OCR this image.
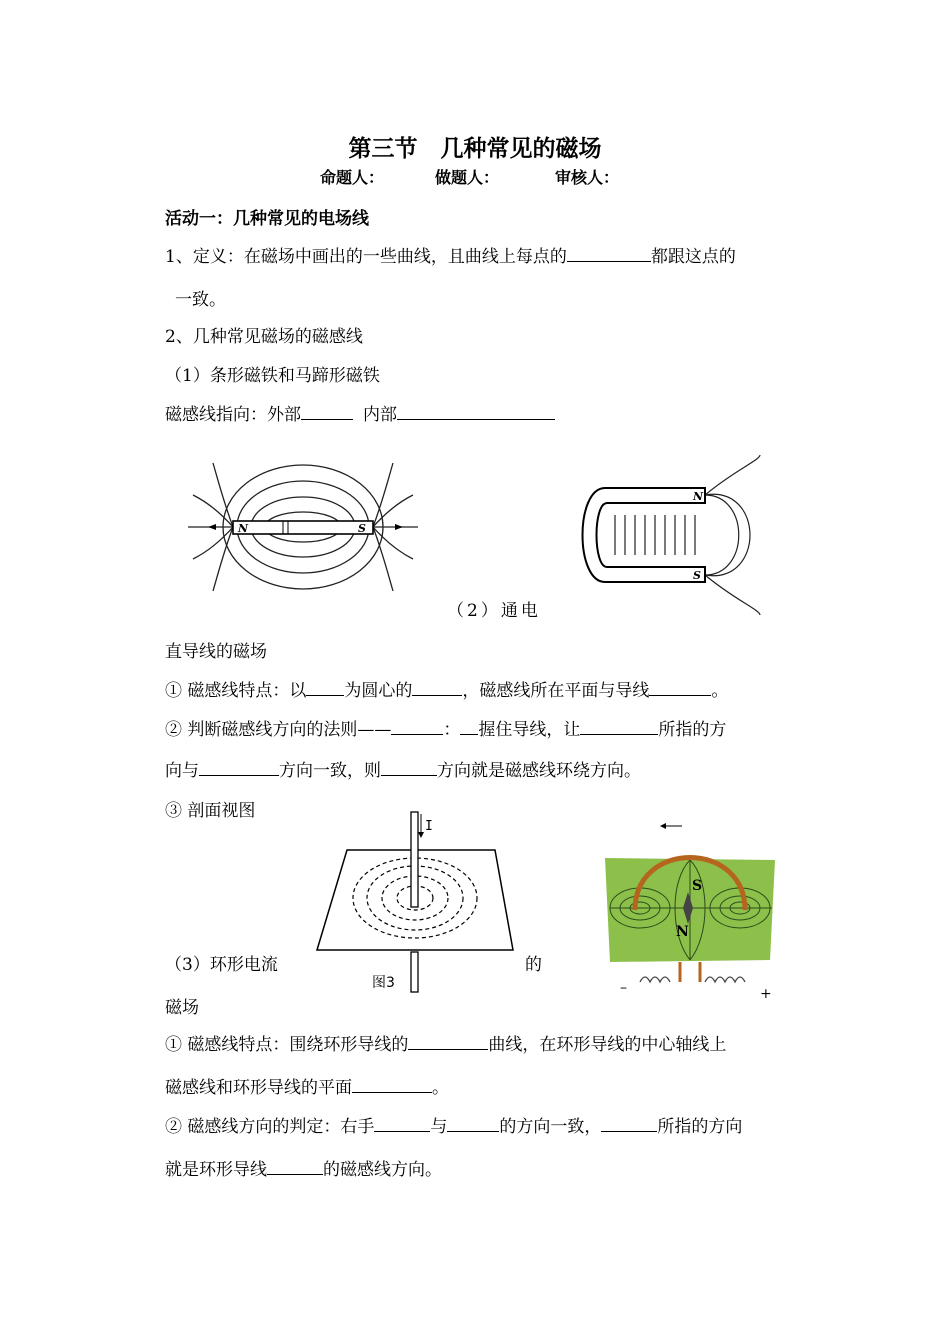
第三节　几种常见的磁场
命题人：	做题人：	审核人：
活动一：几种常见的电场线
1、定义：在磁场中画出的一些曲线，且曲线上每点的	都跟这点的
一致。
2、几种常见磁场的磁感线
（1）条形磁铁和马蹄形磁铁
磁感线指向：外部	内部
N	S
N
S
（2）通电
直导线的磁场
① 磁感线特点：以 为圆心的	，磁感线所在平面与导线	。
② 判断磁感线方向的法则——	： 握住导线，让	所指的方
向与	方向一致，则	方向就是磁感线环绕方向。
③ 剖面视图
I
图3
S
N
–	+
（3）环形电流	的
磁场
① 磁感线特点：围绕环形导线的	曲线，在环形导线的中心轴线上
磁感线和环形导线的平面	。
② 磁感线方向的判定：右手	与	的方向一致，	所指的方向
就是环形导线	的磁感线方向。
